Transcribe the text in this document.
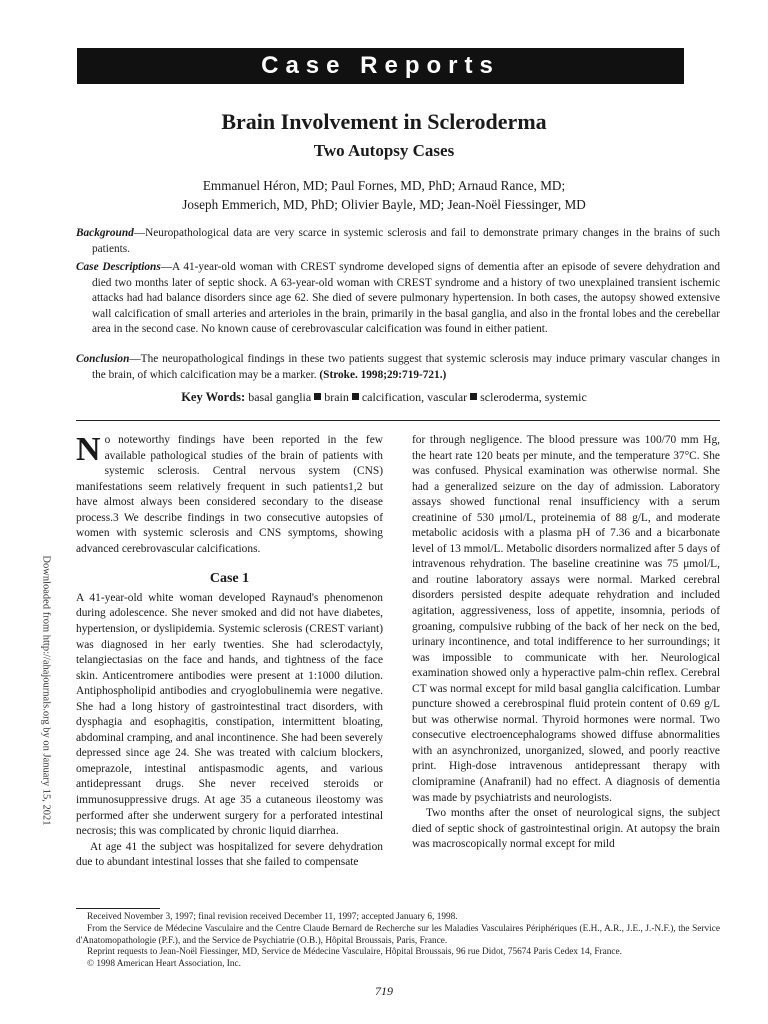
Case Reports
Brain Involvement in Scleroderma
Two Autopsy Cases
Emmanuel Héron, MD; Paul Fornes, MD, PhD; Arnaud Rance, MD;
Joseph Emmerich, MD, PhD; Olivier Bayle, MD; Jean-Noël Fiessinger, MD

Background—Neuropathological data are very scarce in systemic sclerosis and fail to demonstrate primary changes in the brains of such patients.

Case Descriptions—A 41-year-old woman with CREST syndrome developed signs of dementia after an episode of severe dehydration and died two months later of septic shock. A 63-year-old woman with CREST syndrome and a history of two unexplained transient ischemic attacks had had balance disorders since age 62. She died of severe pulmonary hypertension. In both cases, the autopsy showed extensive wall calcification of small arteries and arterioles in the brain, primarily in the basal ganglia, and also in the frontal lobes and the cerebellar area in the second case. No known cause of cerebrovascular calcification was found in either patient.

Conclusion—The neuropathological findings in these two patients suggest that systemic sclerosis may induce primary vascular changes in the brain, of which calcification may be a marker. (Stroke. 1998;29:719-721.)

Key Words: basal ganglia brain calcification, vascular scleroderma, systemic
Downloaded from http://ahajournals.org by on January 15, 2021

No noteworthy findings have been reported in the few available pathological studies of the brain of patients with systemic sclerosis. Central nervous system (CNS) manifestations seem relatively frequent in such patients1,2 but have almost always been considered secondary to the disease process.3 We describe findings in two consecutive autopsies of women with systemic sclerosis and CNS symptoms, showing advanced cerebrovascular calcifications.

Case 1

A 41-year-old white woman developed Raynaud's phenomenon during adolescence. She never smoked and did not have diabetes, hypertension, or dyslipidemia. Systemic sclerosis (CREST variant) was diagnosed in her early twenties. She had sclerodactyly, telangiectasias on the face and hands, and tightness of the face skin. Anticentromere antibodies were present at 1:1000 dilution. Antiphospholipid antibodies and cryoglobulinemia were negative. She had a long history of gastrointestinal tract disorders, with dysphagia and esophagitis, constipation, intermittent bloating, abdominal cramping, and anal incontinence. She had been severely depressed since age 24. She was treated with calcium blockers, omeprazole, intestinal antispasmodic agents, and various antidepressant drugs. She never received steroids or immunosuppressive drugs. At age 35 a cutaneous ileostomy was performed after she underwent surgery for a perforated intestinal necrosis; this was complicated by chronic liquid diarrhea.

At age 41 the subject was hospitalized for severe dehydration due to abundant intestinal losses that she failed to compensate

for through negligence. The blood pressure was 100/70 mm Hg, the heart rate 120 beats per minute, and the temperature 37°C. She was confused. Physical examination was otherwise normal. She had a generalized seizure on the day of admission. Laboratory assays showed functional renal insufficiency with a serum creatinine of 530 μmol/L, proteinemia of 88 g/L, and moderate metabolic acidosis with a plasma pH of 7.36 and a bicarbonate level of 13 mmol/L. Metabolic disorders normalized after 5 days of intravenous rehydration. The baseline creatinine was 75 μmol/L, and routine laboratory assays were normal. Marked cerebral disorders persisted despite adequate rehydration and included agitation, aggressiveness, loss of appetite, insomnia, periods of groaning, compulsive rubbing of the back of her neck on the bed, urinary incontinence, and total indifference to her surroundings; it was impossible to communicate with her. Neurological examination showed only a hyperactive palm-chin reflex. Cerebral CT was normal except for mild basal ganglia calcification. Lumbar puncture showed a cerebrospinal fluid protein content of 0.69 g/L but was otherwise normal. Thyroid hormones were normal. Two consecutive electroencephalograms showed diffuse abnormalities with an asynchronized, unorganized, slowed, and poorly reactive print. High-dose intravenous antidepressant therapy with clomipramine (Anafranil) had no effect. A diagnosis of dementia was made by psychiatrists and neurologists.

Two months after the onset of neurological signs, the subject died of septic shock of gastrointestinal origin. At autopsy the brain was macroscopically normal except for mild

Received November 3, 1997; final revision received December 11, 1997; accepted January 6, 1998.

From the Service de Médecine Vasculaire and the Centre Claude Bernard de Recherche sur les Maladies Vasculaires Périphériques (E.H., A.R., J.E., J.-N.F.), the Service d'Anatomopathologie (P.F.), and the Service de Psychiatrie (O.B.), Hôpital Broussais, Paris, France.

Reprint requests to Jean-Noël Fiessinger, MD, Service de Médecine Vasculaire, Hôpital Broussais, 96 rue Didot, 75674 Paris Cedex 14, France.

© 1998 American Heart Association, Inc.

719
